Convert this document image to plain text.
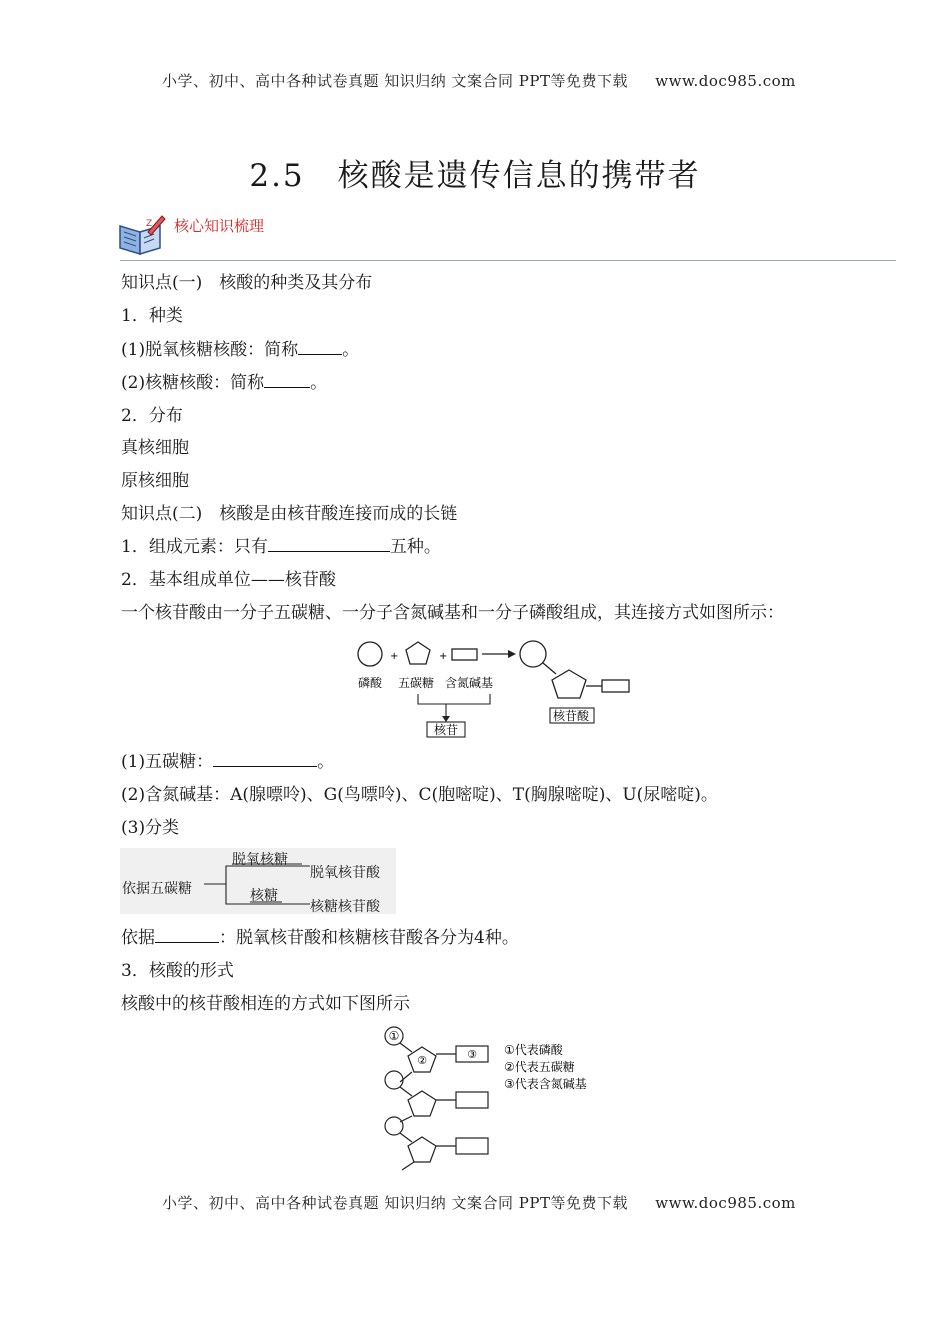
小学、初中、高中各种试卷真题 知识归纳 文案合同 PPT等免费下载 www.doc985.com
2.5　核酸是遗传信息的携带者
Z 核心知识梳理
知识点(一)　核酸的种类及其分布
1．种类
(1)脱氧核糖核酸：简称	。
(2)核糖核酸：简称	。
2．分布
真核细胞
原核细胞
知识点(二)　核酸是由核苷酸连接而成的长链
1．组成元素：只有	五种。
2．基本组成单位——核苷酸
一个核苷酸由一分子五碳糖、一分子含氮碱基和一分子磷酸组成，其连接方式如图所示：
+	+
磷酸 五碳糖 含氮碱基
核苷
核苷酸
(1)五碳糖：	。
(2)含氮碱基：A(腺嘌呤)、G(鸟嘌呤)、C(胞嘧啶)、T(胸腺嘧啶)、U(尿嘧啶)。
(3)分类
依据五碳糖
脱氧核糖
脱氧核苷酸
核糖
核糖核苷酸
依据	：脱氧核苷酸和核糖核苷酸各分为4种。
3．核酸的形式
核酸中的核苷酸相连的方式如下图所示
①
②	③ ①代表磷酸
②代表五碳糖
③代表含氮碱基
小学、初中、高中各种试卷真题 知识归纳 文案合同 PPT等免费下载 www.doc985.com
